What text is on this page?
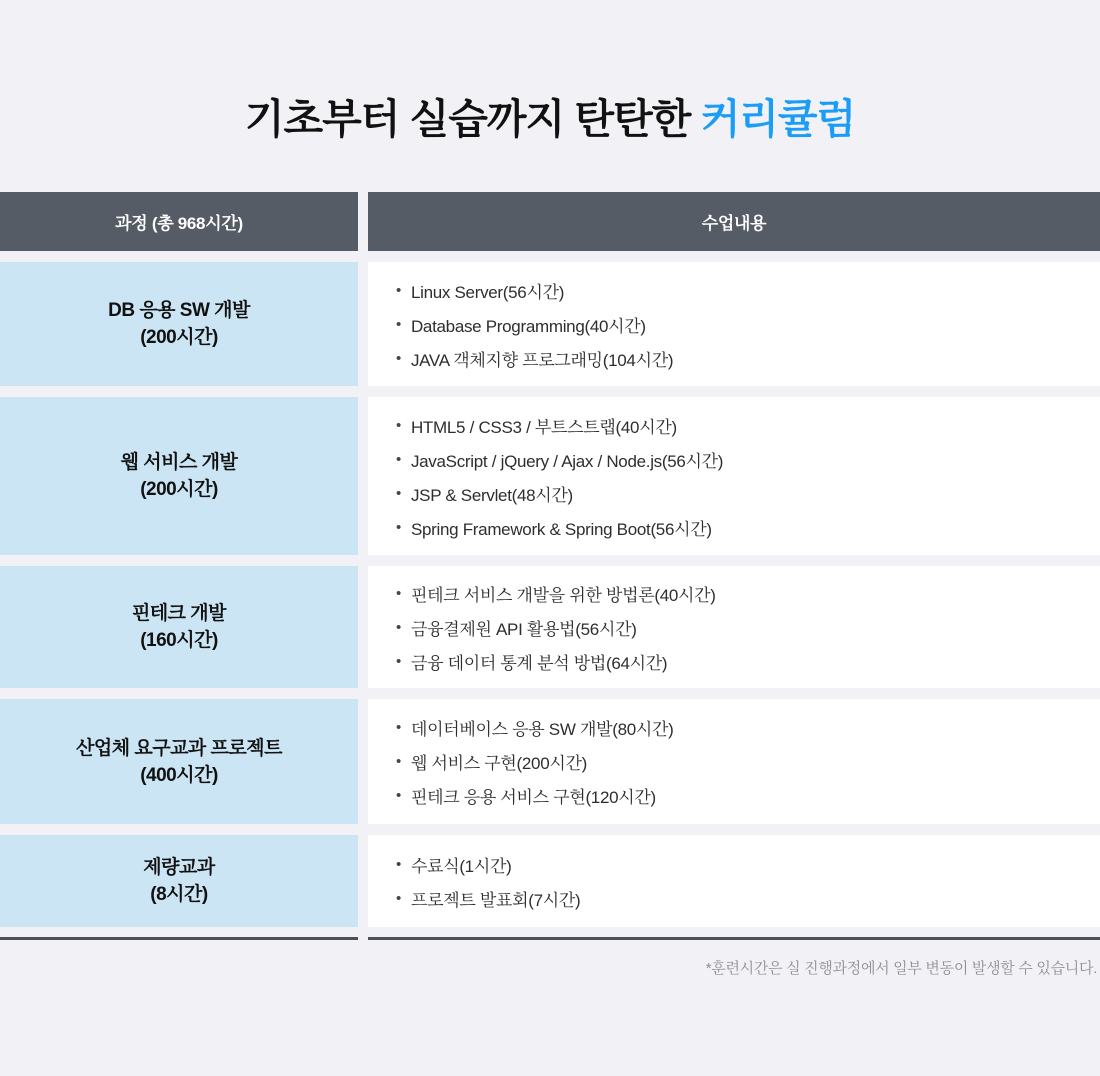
기초부터 실습까지 탄탄한 커리큘럼
과정 (총 968시간)	수업내용
DB 응용 SW 개발
(200시간)
• Linux Server(56시간)
• Database Programming(40시간)
• JAVA 객체지향 프로그래밍(104시간)
웹 서비스 개발
(200시간)
• HTML5 / CSS3 / 부트스트랩(40시간)
• JavaScript / jQuery / Ajax / Node.js(56시간)
• JSP & Servlet(48시간)
• Spring Framework & Spring Boot(56시간)
핀테크 개발
(160시간)
• 핀테크 서비스 개발을 위한 방법론(40시간)
• 금융결제원 API 활용법(56시간)
• 금융 데이터 통계 분석 방법(64시간)
산업체 요구교과 프로젝트
(400시간)
• 데이터베이스 응용 SW 개발(80시간)
• 웹 서비스 구현(200시간)
• 핀테크 응용 서비스 구현(120시간)
제량교과
(8시간)
• 수료식(1시간)
• 프로젝트 발표회(7시간)
*훈련시간은 실 진행과정에서 일부 변동이 발생할 수 있습니다.
